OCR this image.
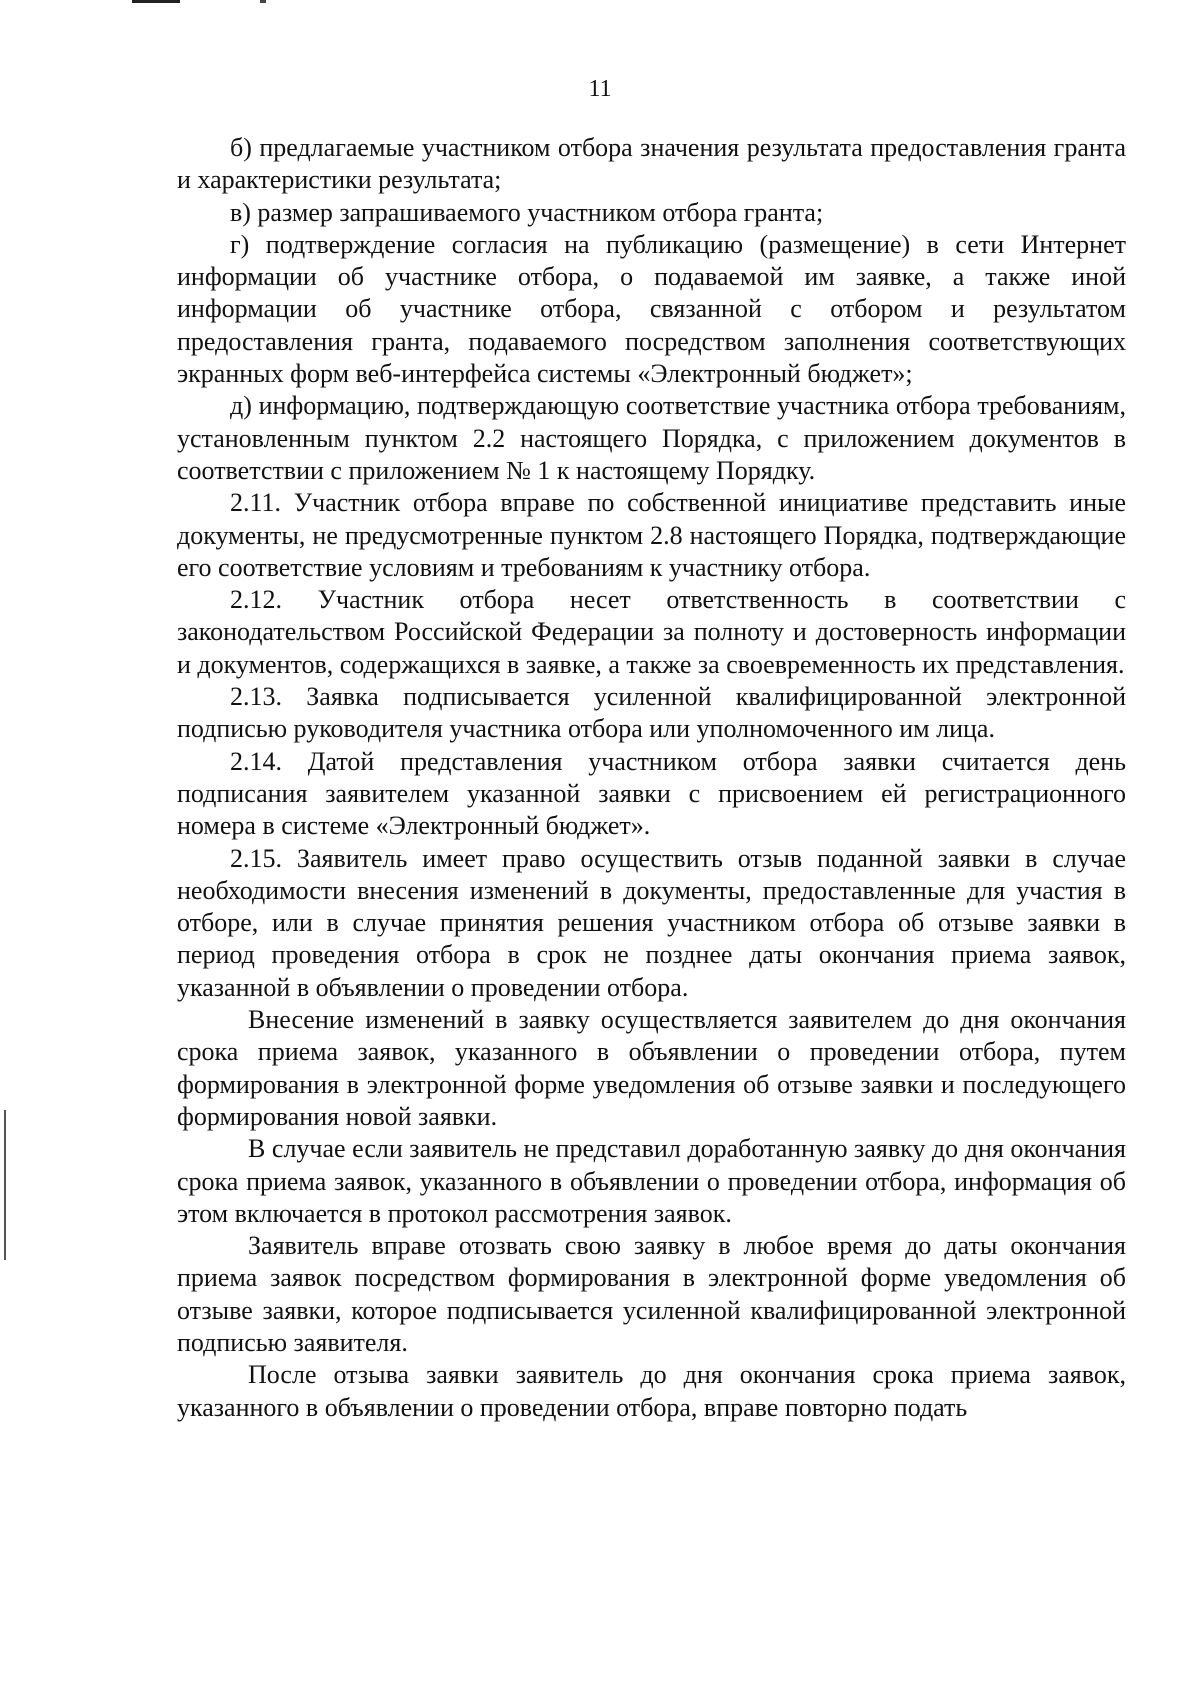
11

б) предлагаемые участником отбора значения результата предоставления гранта и характеристики результата;

в) размер запрашиваемого участником отбора гранта;

г) подтверждение согласия на публикацию (размещение) в сети Интернет информации об участнике отбора, о подаваемой им заявке, а также иной информации об участнике отбора, связанной с отбором и результатом предоставления гранта, подаваемого посредством заполнения соответствующих экранных форм веб-интерфейса системы «Электронный бюджет»;

д) информацию, подтверждающую соответствие участника отбора требованиям, установленным пунктом 2.2 настоящего Порядка, с приложением документов в соответствии с приложением № 1 к настоящему Порядку.

2.11. Участник отбора вправе по собственной инициативе представить иные документы, не предусмотренные пунктом 2.8 настоящего Порядка, подтверждающие его соответствие условиям и требованиям к участнику отбора.

2.12. Участник отбора несет ответственность в соответствии с законодательством Российской Федерации за полноту и достоверность информации и документов, содержащихся в заявке, а также за своевременность их представления.

2.13. Заявка подписывается усиленной квалифицированной электронной подписью руководителя участника отбора или уполномоченного им лица.

2.14. Датой представления участником отбора заявки считается день подписания заявителем указанной заявки с присвоением ей регистрационного номера в системе «Электронный бюджет».

2.15. Заявитель имеет право осуществить отзыв поданной заявки в случае необходимости внесения изменений в документы, предоставленные для участия в отборе, или в случае принятия решения участником отбора об отзыве заявки в период проведения отбора в срок не позднее даты окончания приема заявок, указанной в объявлении о проведении отбора.

Внесение изменений в заявку осуществляется заявителем до дня окончания срока приема заявок, указанного в объявлении о проведении отбора, путем формирования в электронной форме уведомления об отзыве заявки и последующего формирования новой заявки.

В случае если заявитель не представил доработанную заявку до дня окончания срока приема заявок, указанного в объявлении о проведении отбора, информация об этом включается в протокол рассмотрения заявок.

Заявитель вправе отозвать свою заявку в любое время до даты окончания приема заявок посредством формирования в электронной форме уведомления об отзыве заявки, которое подписывается усиленной квалифицированной электронной подписью заявителя.

После отзыва заявки заявитель до дня окончания срока приема заявок, указанного в объявлении о проведении отбора, вправе повторно подать
